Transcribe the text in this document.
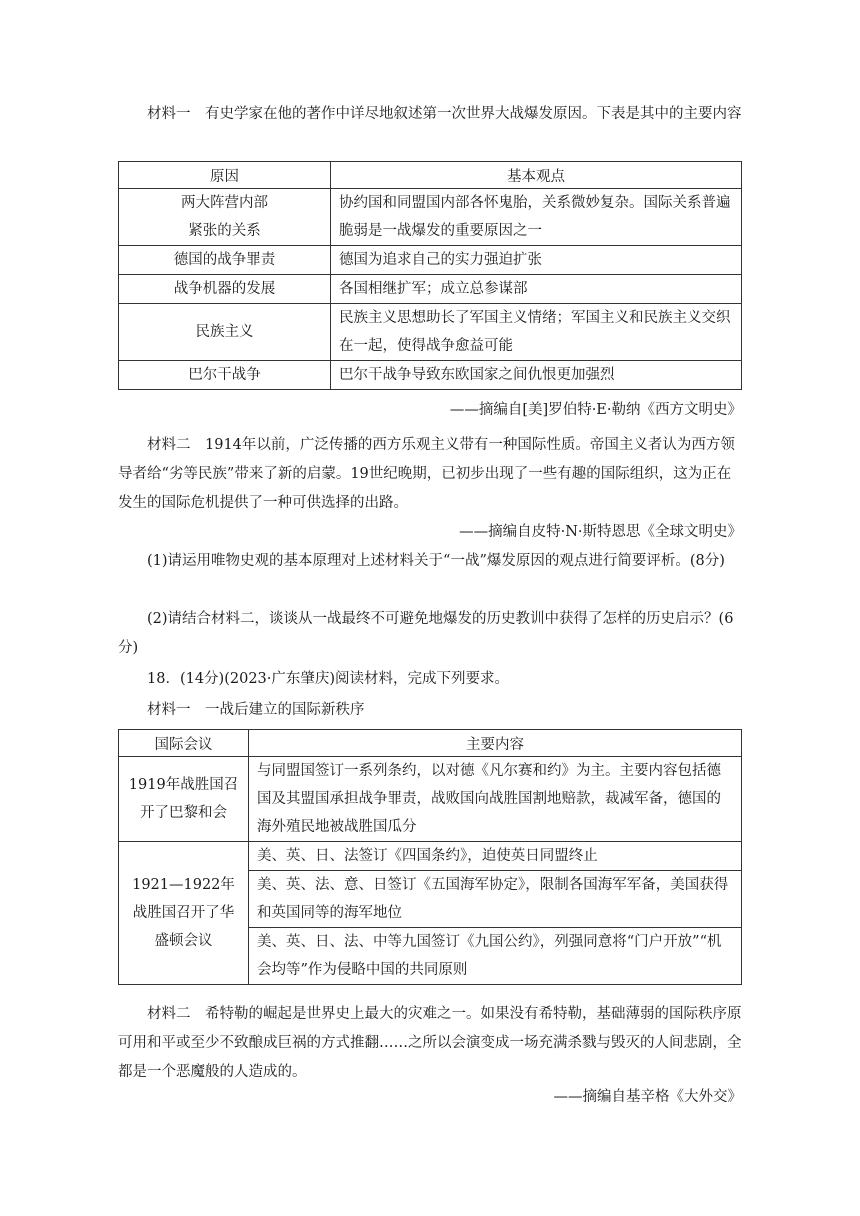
材料一　有史学家在他的著作中详尽地叙述第一次世界大战爆发原因。下表是其中的主要内容

原因	基本观点
两大阵营内部
紧张的关系	协约国和同盟国内部各怀鬼胎，关系微妙复杂。国际关系普遍脆弱是一战爆发的重要原因之一
德国的战争罪责	德国为追求自己的实力强迫扩张
战争机器的发展	各国相继扩军；成立总参谋部
民族主义	民族主义思想助长了军国主义情绪；军国主义和民族主义交织在一起，使得战争愈益可能
巴尔干战争	巴尔干战争导致东欧国家之间仇恨更加强烈

——摘编自[美]罗伯特·E·勒纳《西方文明史》

材料二　1914年以前，广泛传播的西方乐观主义带有一种国际性质。帝国主义者认为西方领导者给“劣等民族”带来了新的启蒙。19世纪晚期，已初步出现了一些有趣的国际组织，这为正在发生的国际危机提供了一种可供选择的出路。

——摘编自皮特·N·斯特恩思《全球文明史》

(1)请运用唯物史观的基本原理对上述材料关于“一战”爆发原因的观点进行简要评析。(8分)

(2)请结合材料二，谈谈从一战最终不可避免地爆发的历史教训中获得了怎样的历史启示？(6分)

18．(14分)(2023·广东肇庆)阅读材料，完成下列要求。

材料一　一战后建立的国际新秩序

国际会议	主要内容
1919年战胜国召开了巴黎和会	与同盟国签订一系列条约，以对德《凡尔赛和约》为主。主要内容包括德国及其盟国承担战争罪责，战败国向战胜国割地赔款，裁减军备，德国的海外殖民地被战胜国瓜分
1921—1922年战胜国召开了华盛顿会议	美、英、日、法签订《四国条约》，迫使英日同盟终止
	美、英、法、意、日签订《五国海军协定》，限制各国海军军备，美国获得和英国同等的海军地位
	美、英、日、法、中等九国签订《九国公约》，列强同意将“门户开放”“机会均等”作为侵略中国的共同原则

材料二　希特勒的崛起是世界史上最大的灾难之一。如果没有希特勒，基础薄弱的国际秩序原可用和平或至少不致酿成巨祸的方式推翻……之所以会演变成一场充满杀戮与毁灭的人间悲剧，全都是一个恶魔般的人造成的。

——摘编自基辛格《大外交》
